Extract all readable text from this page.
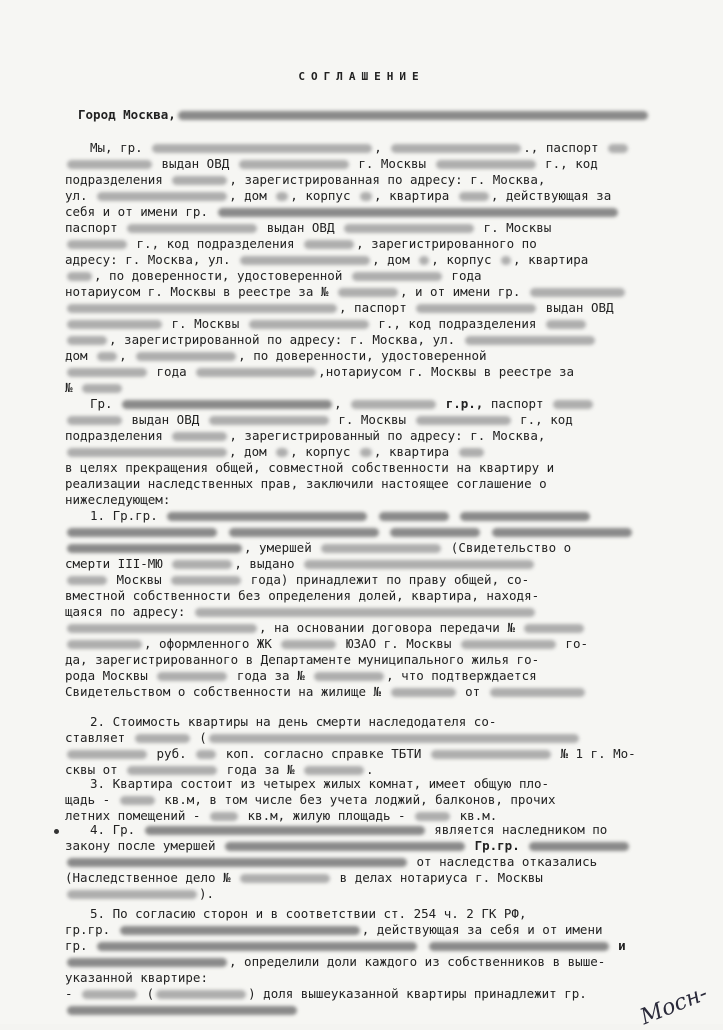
СОГЛАШЕНИЕ
Город Москва,
Мы, гр.	,	., паспорт
выдан ОВД	г. Москвы	г., код
подразделения	, зарегистрированная по адресу: г. Москва,
ул.	, дом , корпус , квартира	, действующая за
себя и от имени гр.
паспорт	выдан ОВД	г. Москвы
г., код подразделения	, зарегистрированного по
адресу: г. Москва, ул.	, дом , корпус , квартира
, по доверенности, удостоверенной	года
нотариусом г. Москвы в реестре за №	, и от имени гр.
, паспорт	выдан ОВД
г. Москвы	г., код подразделения
, зарегистрированной по адресу: г. Москва, ул.
дом	,	, по доверенности, удостоверенной
года	,нотариусом г. Москвы в реестре за
№
Гр.	,	г.р., паспорт
выдан ОВД	г. Москвы	г., код
подразделения	, зарегистрированный по адресу: г. Москва,
, дом , корпус , квартира
в целях прекращения общей, совместной собственности на квартиру и
реализации наследственных прав, заключили настоящее соглашение о
нижеследующем:
1. Гр.гр.

, умершей	(Свидетельство о
смерти III-МЮ	, выдано
Москвы	года) принадлежит по праву общей, со-
вместной собственности без определения долей, квартира, находя-
щаяся по адресу:
, на основании договора передачи №
, оформленного ЖК	ЮЗАО г. Москвы	го-
да, зарегистрированного в Департаменте муниципального жилья го-
рода Москвы	года за №	, что подтверждается
Свидетельством о собственности на жилище №	от
2. Стоимость квартиры на день смерти наследодателя со-
ставляет	(
руб.	коп. согласно справке ТБТИ	№ 1 г. Мо-
сквы от	года за №	.
3. Квартира состоит из четырех жилых комнат, имеет общую пло-
щадь -	кв.м, в том числе без учета лоджий, балконов, прочих
летних помещений -	кв.м, жилую площадь -	кв.м.
4. Гр.	является наследником по
закону после умершей	Гр.гр.
от наследства отказались
(Наследственное дело №	в делах нотариуса г. Москвы
).
5. По согласию сторон и в соответствии ст. 254 ч. 2 ГК РФ,
гр.гр.	, действующая за себя и от имени
гр.	и
, определили доли каждого из собственников в выше-
указанной квартире:
-	(	) доля вышеуказанной квартиры принадлежит гр. Мосн-
